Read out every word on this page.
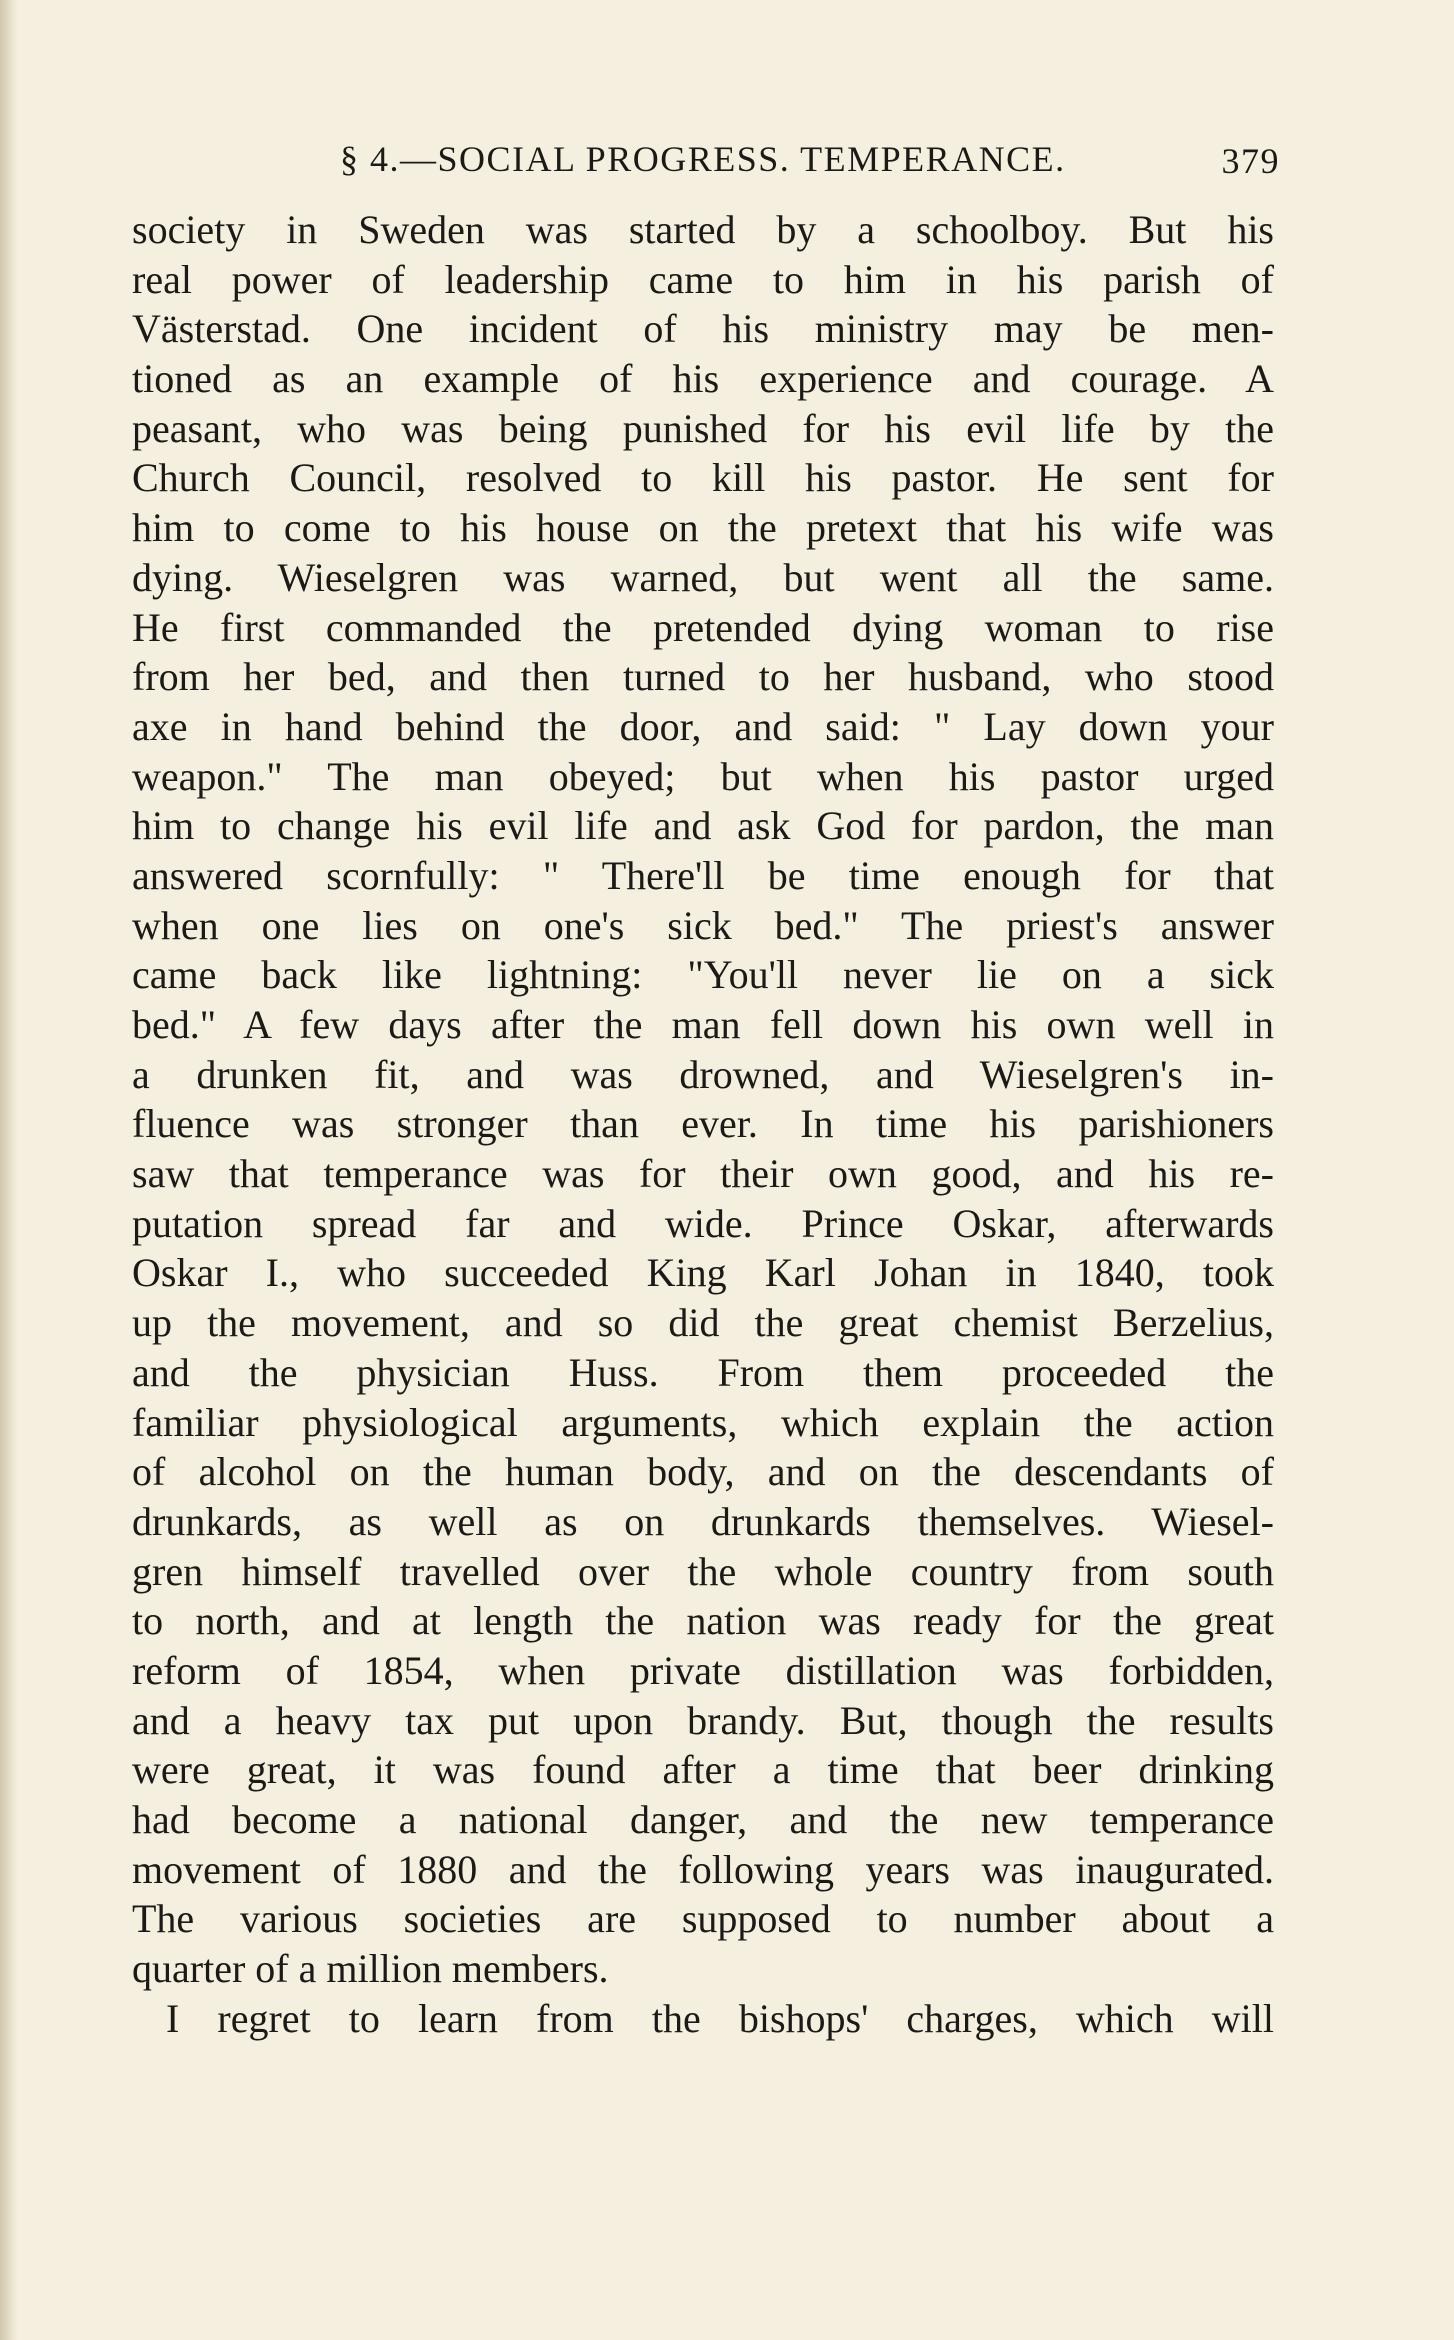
§ 4.—SOCIAL PROGRESS. TEMPERANCE.	379
society in Sweden was started by a schoolboy. But his
real power of leadership came to him in his parish of
Västerstad. One incident of his ministry may be men-
tioned as an example of his experience and courage. A
peasant, who was being punished for his evil life by the
Church Council, resolved to kill his pastor. He sent for
him to come to his house on the pretext that his wife was
dying. Wieselgren was warned, but went all the same.
He first commanded the pretended dying woman to rise
from her bed, and then turned to her husband, who stood
axe in hand behind the door, and said: " Lay down your
weapon." The man obeyed; but when his pastor urged
him to change his evil life and ask God for pardon, the man
answered scornfully: " There'll be time enough for that
when one lies on one's sick bed." The priest's answer
came back like lightning: "You'll never lie on a sick
bed." A few days after the man fell down his own well in
a drunken fit, and was drowned, and Wieselgren's in-
fluence was stronger than ever. In time his parishioners
saw that temperance was for their own good, and his re-
putation spread far and wide. Prince Oskar, afterwards
Oskar I., who succeeded King Karl Johan in 1840, took
up the movement, and so did the great chemist Berzelius,
and the physician Huss. From them proceeded the
familiar physiological arguments, which explain the action
of alcohol on the human body, and on the descendants of
drunkards, as well as on drunkards themselves. Wiesel-
gren himself travelled over the whole country from south
to north, and at length the nation was ready for the great
reform of 1854, when private distillation was forbidden,
and a heavy tax put upon brandy. But, though the results
were great, it was found after a time that beer drinking
had become a national danger, and the new temperance
movement of 1880 and the following years was inaugurated.
The various societies are supposed to number about a
quarter of a million members.
I regret to learn from the bishops' charges, which will
